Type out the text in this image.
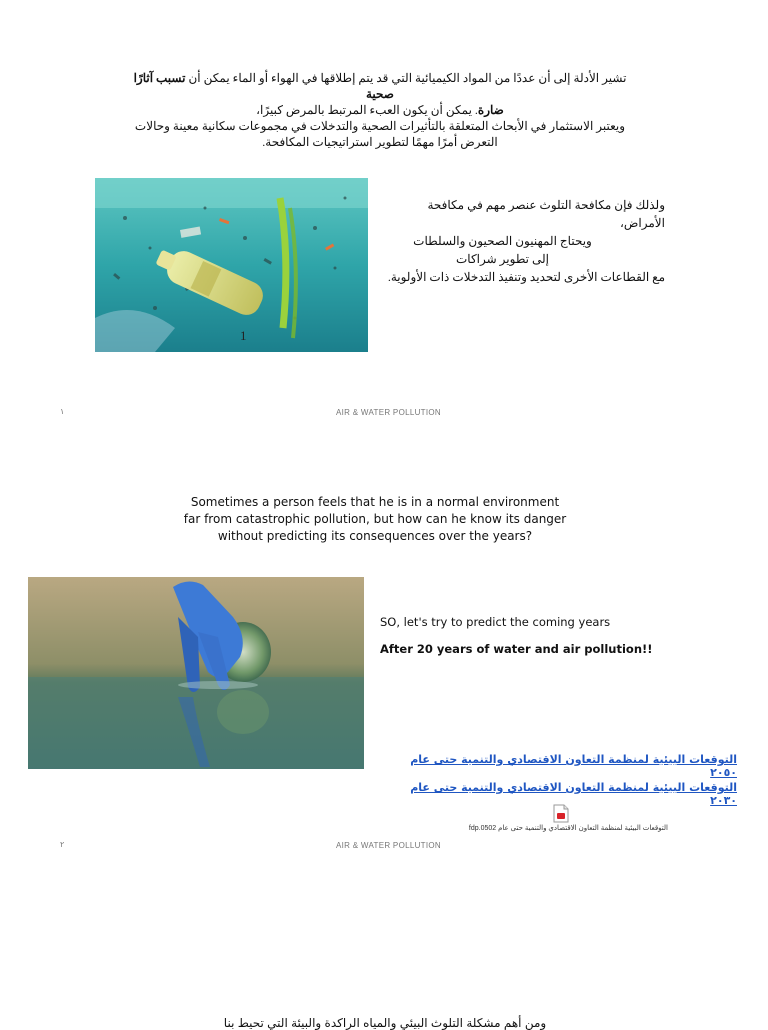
تشير الأدلة إلى أن عددًا من المواد الكيميائية التي قد يتم إطلاقها في الهواء أو الماء يمكن أن تسبب آثارًا صحية
ضارة. يمكن أن يكون العبء المرتبط بالمرض كبيرًا،
ويعتبر الاستثمار في الأبحاث المتعلقة بالتأثيرات الصحية والتدخلات في مجموعات سكانية معينة وحالات
التعرض أمرًا مهمًا لتطوير استراتيجيات المكافحة.
1
ولذلك فإن مكافحة التلوث عنصر مهم في مكافحة الأمراض،
ويحتاج المهنيون الصحيون والسلطات
إلى تطوير شراكات
مع القطاعات الأخرى لتحديد وتنفيذ التدخلات ذات الأولوية.
١	AIR & WATER POLLUTION
Sometimes a person feels that he is in a normal environment
far from catastrophic pollution, but how can he know its danger
without predicting its consequences over the years?
SO, let's try to predict the coming years
After 20 years of water and air pollution!!
التوقعات البيئية لمنظمة التعاون الاقتصادي والتنمية حتى عام ٢٠٥٠
التوقعات البيئية لمنظمة التعاون الاقتصادي والتنمية حتى عام ٢٠٣٠
التوقعات البيئية لمنظمة التعاون الاقتصادي والتنمية حتى عام fdp.0502
٢	AIR & WATER POLLUTION
ومن أهم مشكلة التلوث البيئي والمياه الراكدة والبيئة التي تحيط بنا
